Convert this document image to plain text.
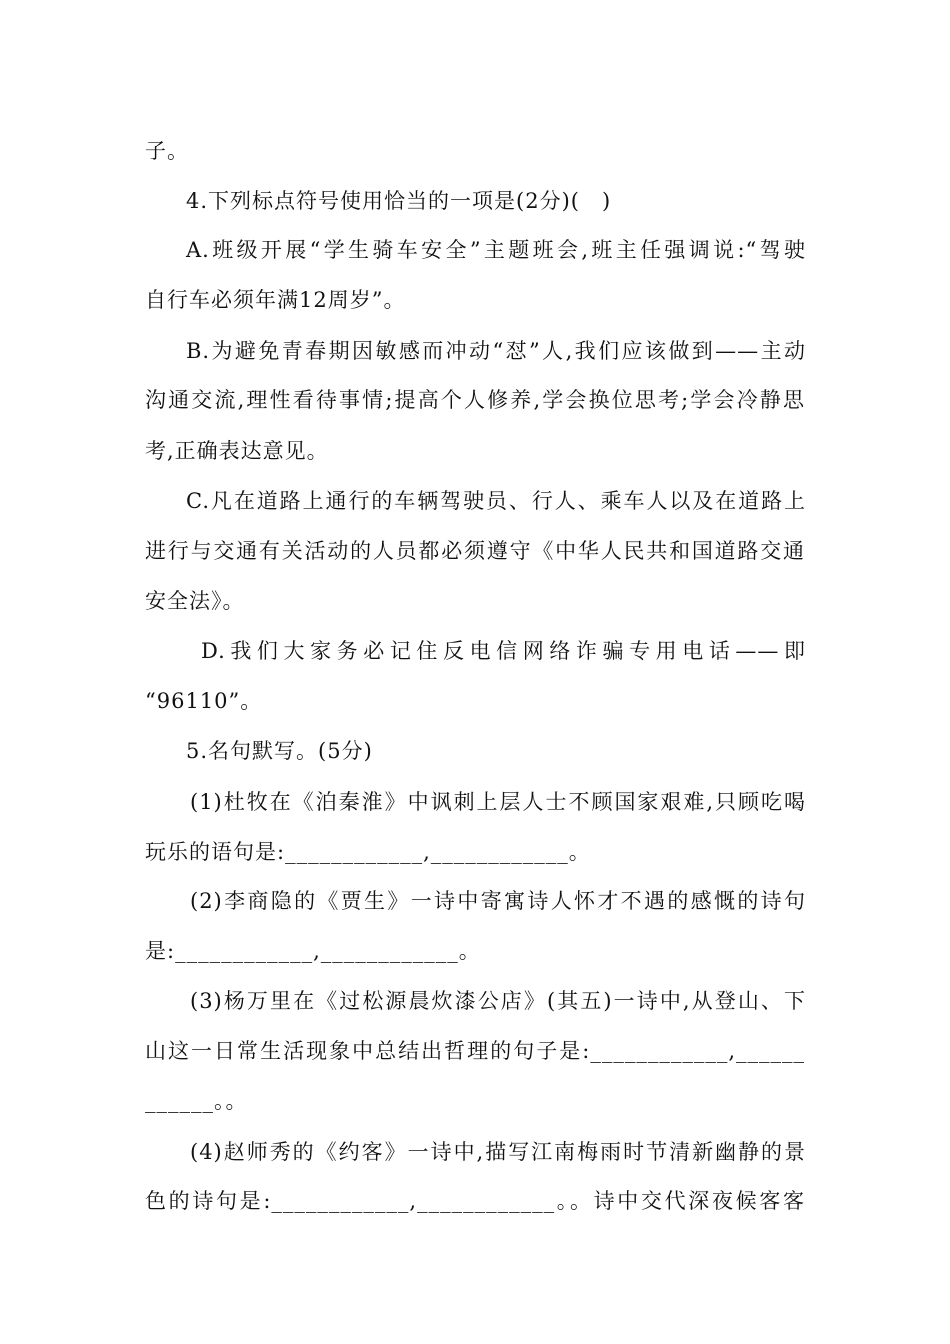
子。
4.下列标点符号使用恰当的一项是(2分)(　)
A.班级开展“学生骑车安全”主题班会,班主任强调说:“驾驶
自行车必须年满12周岁”。
B.为避免青春期因敏感而冲动“怼”人,我们应该做到——主动
沟通交流,理性看待事情;提高个人修养,学会换位思考;学会冷静思
考,正确表达意见。
C.凡在道路上通行的车辆驾驶员、行人、乘车人以及在道路上
进行与交通有关活动的人员都必须遵守《中华人民共和国道路交通
安全法》。
D.我们大家务必记住反电信网络诈骗专用电话——即
“96110”。
5.名句默写。(5分)
(1)杜牧在《泊秦淮》中讽刺上层人士不顾国家艰难,只顾吃喝
玩乐的语句是:____________,____________。
(2)李商隐的《贾生》一诗中寄寓诗人怀才不遇的感慨的诗句
是:____________,____________。
(3)杨万里在《过松源晨炊漆公店》(其五)一诗中,从登山、下
山这一日常生活现象中总结出哲理的句子是:____________,______
______。。
(4)赵师秀的《约客》一诗中,描写江南梅雨时节清新幽静的景
色的诗句是:____________,____________。。诗中交代深夜候客客
